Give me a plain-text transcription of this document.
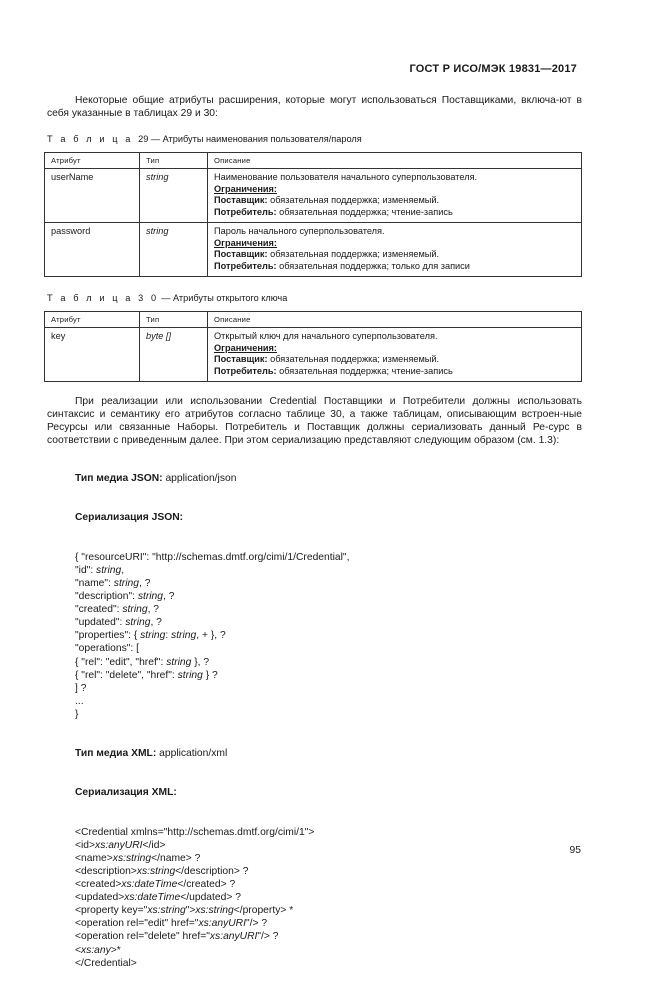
ГОСТ Р ИСО/МЭК 19831—2017
Некоторые общие атрибуты расширения, которые могут использоваться Поставщиками, включа-ют в себя указанные в таблицах 29 и 30:
Т а б л и ц а 29 — Атрибуты наименования пользователя/пароля
Атрибут	Тип	Описание
userName	string	Наименование пользователя начального суперпользователя.
Ограничения:
Поставщик: обязательная поддержка; изменяемый.
Потребитель: обязательная поддержка; чтение-запись

password	string	Пароль начального суперпользователя.
Ограничения:
Поставщик: обязательная поддержка; изменяемый.
Потребитель: обязательная поддержка; только для записи
Т а б л и ц а 3 0 — Атрибуты открытого ключа
Атрибут	Тип	Описание
key	byte []	Открытый ключ для начального суперпользователя.
Ограничения:
Поставщик: обязательная поддержка; изменяемый.
Потребитель: обязательная поддержка; чтение-запись
При реализации или использовании Credential Поставщики и Потребители должны использовать синтаксис и семантику его атрибутов согласно таблице 30, а также таблицам, описывающим встроен-ные Ресурсы или связанные Наборы. Потребитель и Поставщик должны сериализовать данный Ре-сурс в соответствии с приведенным далее. При этом сериализацию представляют следующим образом (см. 1.3):

Тип медиа JSON: application/json

Сериализация JSON:

{ "resourceURI": "http://schemas.dmtf.org/cimi/1/Credential",
"id": string,
"name": string, ?
"description": string, ?
"created": string, ?
"updated": string, ?
"properties": { string: string, + }, ?
"operations": [
{ "rel": "edit", "href": string }, ?
{ "rel": "delete", "href": string } ?
] ?
...
}

Тип медиа XML: application/xml

Сериализация XML:

<Credential xmlns="http://schemas.dmtf.org/cimi/1">
<id>xs:anyURI</id>
<name>xs:string</name> ?
<description>xs:string</description> ?
<created>xs:dateTime</created> ?
<updated>xs:dateTime</updated> ?
<property key="xs:string">xs:string</property> *
<operation rel="edit" href="xs:anyURI"/> ?
<operation rel="delete" href="xs:anyURI"/> ?
<xs:any>*
</Credential>

95
